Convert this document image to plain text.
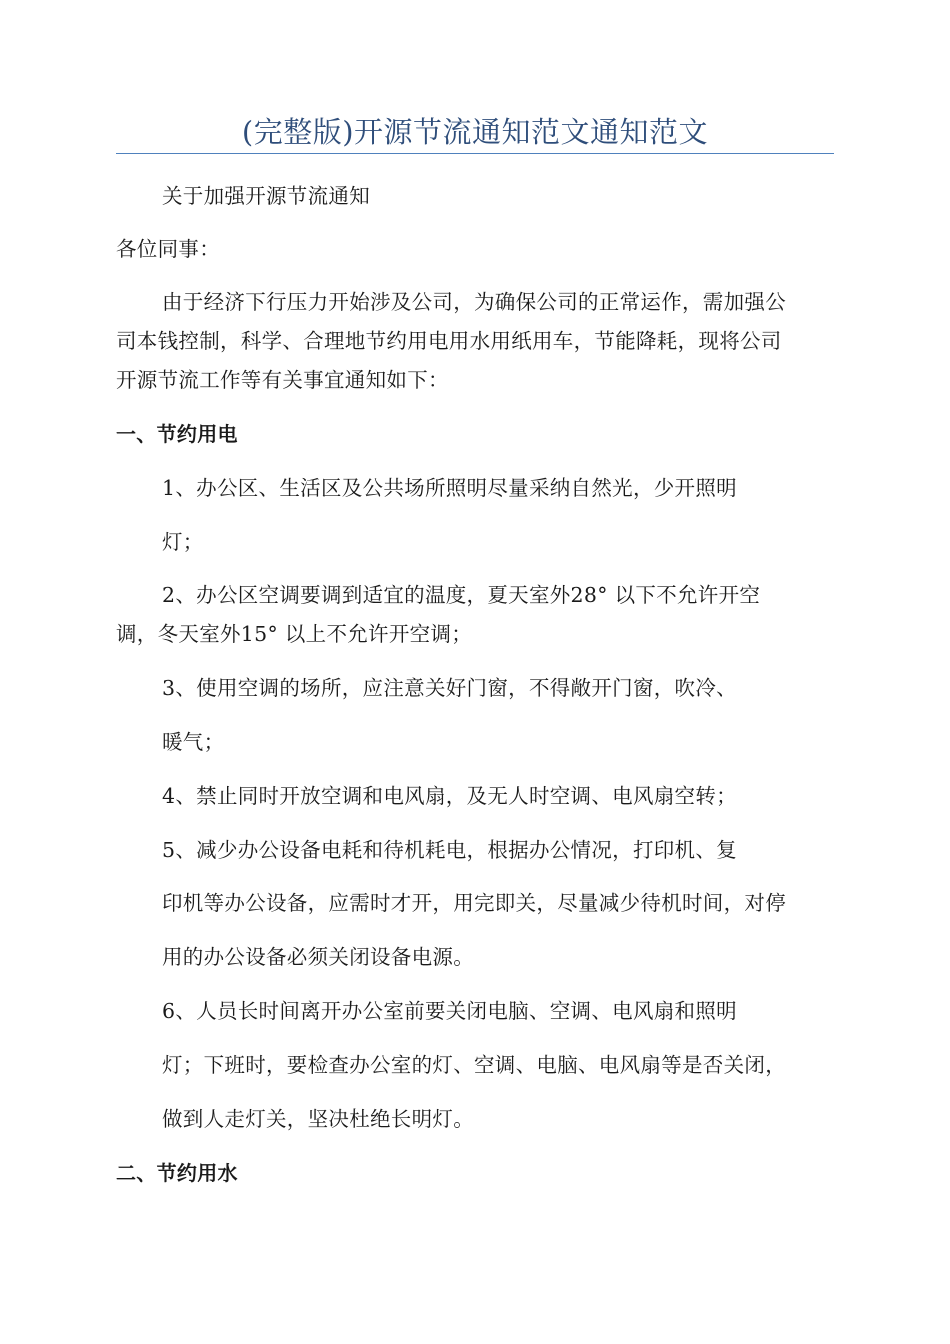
(完整版)开源节流通知范文通知范文
关于加强开源节流通知
各位同事：
由于经济下行压力开始涉及公司，为确保公司的正常运作，需加强公
司本钱控制，科学、合理地节约用电用水用纸用车，节能降耗，现将公司
开源节流工作等有关事宜通知如下：
一、节约用电
1、办公区、生活区及公共场所照明尽量采纳自然光，少开照明
灯；
2、办公区空调要调到适宜的温度，夏天室外28° 以下不允许开空
调，冬天室外15° 以上不允许开空调；
3、使用空调的场所，应注意关好门窗，不得敞开门窗，吹冷、
暖气；
4、禁止同时开放空调和电风扇，及无人时空调、电风扇空转；
5、减少办公设备电耗和待机耗电，根据办公情况，打印机、复
印机等办公设备，应需时才开，用完即关，尽量减少待机时间，对停
用的办公设备必须关闭设备电源。
6、人员长时间离开办公室前要关闭电脑、空调、电风扇和照明
灯；下班时，要检查办公室的灯、空调、电脑、电风扇等是否关闭，
做到人走灯关，坚决杜绝长明灯。
二、节约用水
